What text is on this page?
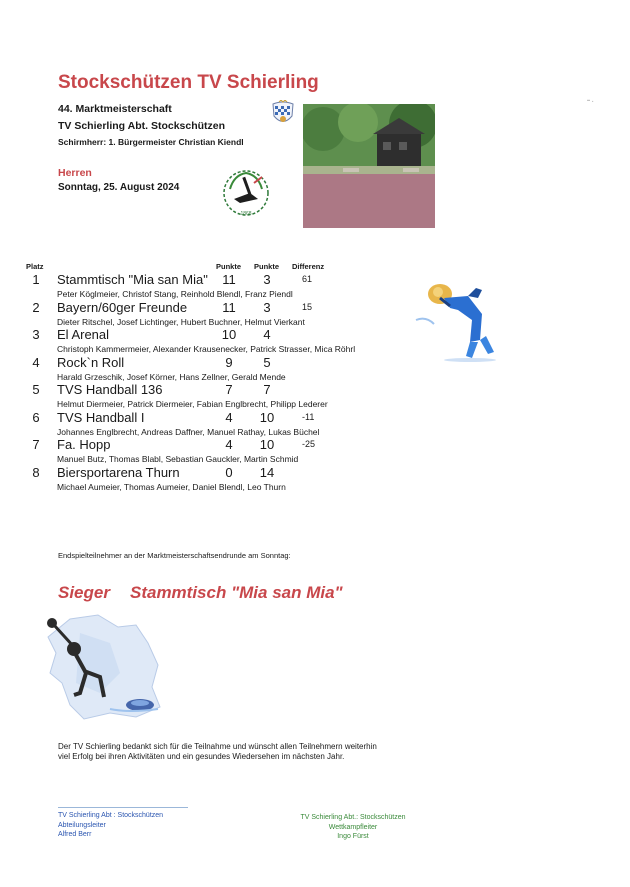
⁃·
Stockschützen TV Schierling
44. Marktmeisterschaft
TV Schierling Abt. Stockschützen
Schirmherr: 1. Bürgermeister Christian Kiendl
Herren
Sonntag, 25. August 2024
1868
Platz	Punkte Punkte Differenz
1 Stammtisch "Mia san Mia"	11	3	61
Peter Köglmeier, Christof Stang, Reinhold Blendl, Franz Piendl
2 Bayern/60ger Freunde	11	3	15
Dieter Ritschel, Josef Lichtinger, Hubert Buchner, Helmut Vierkant
3 El Arenal	10	4
Christoph Kammermeier, Alexander Krausenecker, Patrick Strasser, Mica Röhrl
4 Rock`n Roll	9	5
Harald Grzeschik, Josef Körner, Hans Zellner, Gerald Mende
5 TVS Handball 136	7	7
Helmut Diermeier, Patrick Diermeier, Fabian Englbrecht, Philipp Lederer
6 TVS Handball I	4	10	-11
Johannes Englbrecht, Andreas Daffner, Manuel Rathay, Lukas Büchel
7 Fa. Hopp	4	10	-25
Manuel Butz, Thomas Blabl, Sebastian Gauckler, Martin Schmid
8 Biersportarena Thurn	0	14
Michael Aumeier, Thomas Aumeier, Daniel Blendl, Leo Thurn
Endspielteilnehmer an der Marktmeisterschaftsendrunde am Sonntag:
Sieger Stammtisch "Mia san Mia"
Der TV Schierling bedankt sich für die Teilnahme und wünscht allen Teilnehmern weiterhin viel Erfolg bei ihren Aktivitäten und ein gesundes Wiedersehen im nächsten Jahr.
TV Schierling Abt : Stockschützen
Abteilungsleiter
Alfred Berr
TV Schierling Abt.: Stockschützen
Wettkampfleiter
Ingo Fürst
